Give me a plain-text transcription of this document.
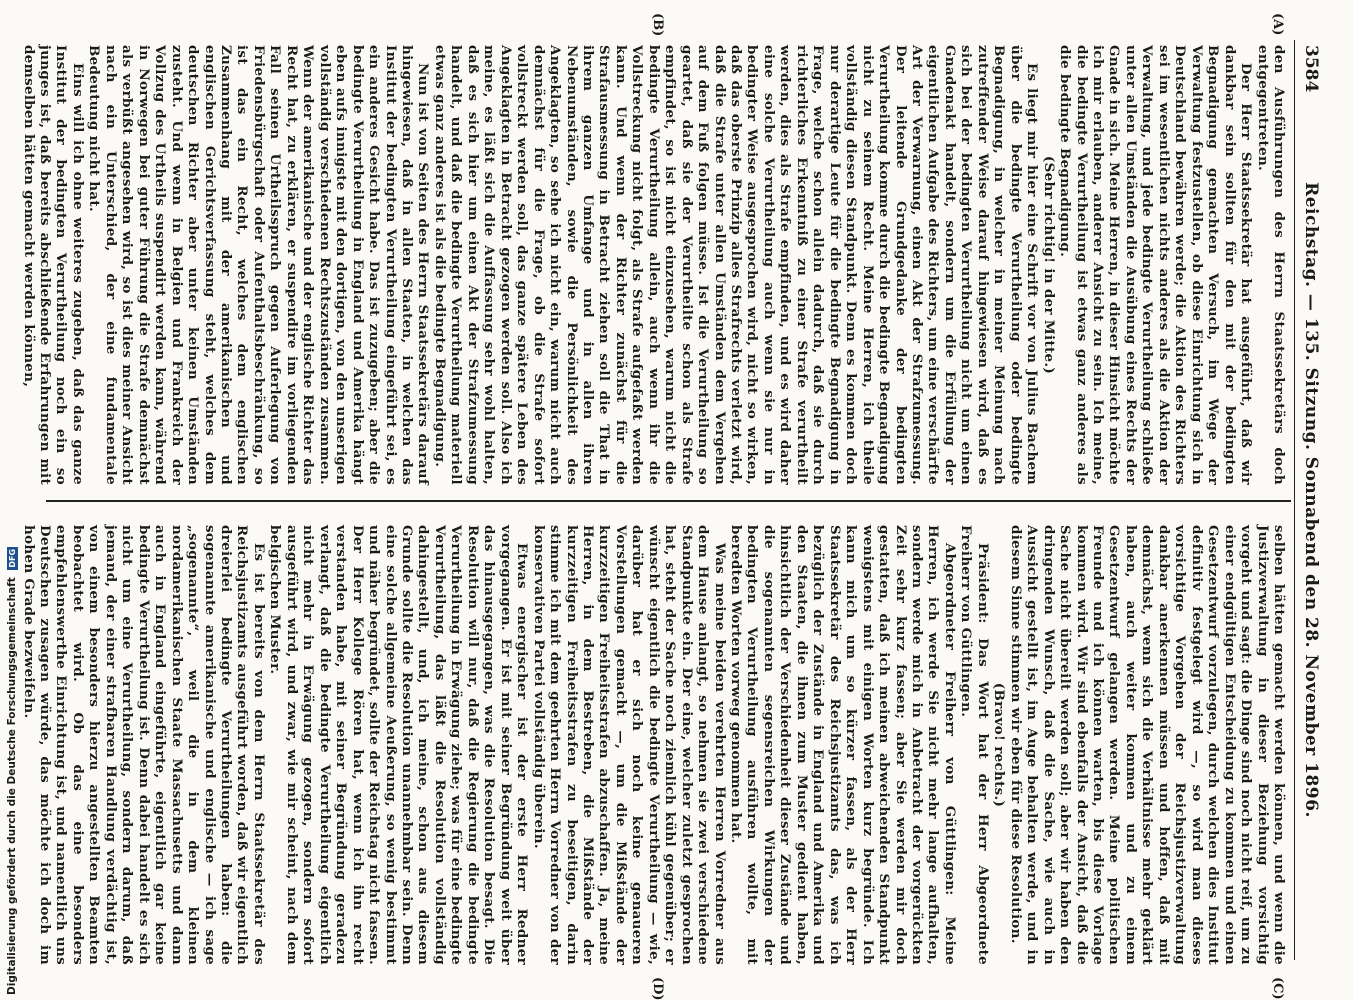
3584
Reichstag. — 135. Sitzung. Sonnabend den 28. November 1896.
(A)
(B)
(C)
(D)

den Ausführungen des Herrn Staatssekretärs doch entgegentreten.

Der Herr Staatssekretär hat ausgeführt, daß wir dankbar sein sollten für den mit der bedingten Begnadigung gemachten Versuch, im Wege der Verwaltung festzustellen, ob diese Einrichtung sich in Deutschland bewähren werde; die Aktion des Richters sei im wesentlichen nichts anderes als die Aktion der Verwaltung, und jede bedingte Verurtheilung schließe unter allen Umständen die Ausübung eines Rechts der Gnade in sich. Meine Herren, in dieser Hinsicht möchte ich mir erlauben, anderer Ansicht zu sein. Ich meine, die bedingte Verurtheilung ist etwas ganz anderes als die bedingte Begnadigung.

(Sehr richtig! in der Mitte.)

Es liegt mir hier eine Schrift vor von Julius Bachem über die bedingte Verurtheilung oder bedingte Begnadigung, in welcher in meiner Meinung nach zutreffender Weise darauf hingewiesen wird, daß es sich bei der bedingten Verurtheilung nicht um einen Gnadenakt handelt, sondern um die Erfüllung der eigentlichen Aufgabe des Richters, um eine verschärfte Art der Verwarnung, einen Akt der Strafzumessung. Der leitende Grundgedanke der bedingten Verurtheilung komme durch die bedingte Begnadigung nicht zu seinem Recht. Meine Herren, ich theile vollständig diesen Standpunkt. Denn es kommen doch nur derartige Leute für die bedingte Begnadigung in Frage, welche schon allein dadurch, daß sie durch richterliches Erkenntniß zu einer Strafe verurtheilt werden, dies als Strafe empfinden, und es wird daher eine solche Verurtheilung auch wenn sie nur in bedingter Weise ausgesprochen wird, nicht so wirken, daß das oberste Prinzip alles Strafrechts verletzt wird, daß die Strafe unter allen Umständen dem Vergehen auf dem Fuß folgen müsse. Ist die Verurtheilung so geartet, daß sie der Verurtheilte schon als Strafe empfindet, so ist nicht einzusehen, warum nicht die bedingte Verurtheilung allein, auch wenn ihr die Vollstreckung nicht folgt, als Strafe aufgefaßt werden kann. Und wenn der Richter zunächst für die Strafausmessung in Betracht ziehen soll die That in ihrem ganzen Umfange und in allen ihren Nebenumständen, sowie die Persönlichkeit des Angeklagten, so sehe ich nicht ein, warum nicht auch demnächst für die Frage, ob die Strafe sofort vollstreckt werden soll, das ganze spätere Leben des Angeklagten in Betracht gezogen werden soll. Also ich meine, es läßt sich die Auffassung sehr wohl halten, daß es sich hier um einen Akt der Strafzumessung handelt, und daß die bedingte Verurtheilung materiell etwas ganz anderes ist als die bedingte Begnadigung.

Nun ist von Seiten des Herrn Staatssekretärs darauf hingewiesen, daß in allen Staaten, in welchen das Institut der bedingten Verurtheilung eingeführt sei, es ein anderes Gesicht habe. Das ist zuzugeben; aber die bedingte Verurtheilung in England und Amerika hängt eben aufs innigste mit den dortigen, von den unserigen vollständig verschiedenen Rechtszuständen zusammen. Wenn der amerikanische und der englische Richter das Recht hat, zu erklären, er suspendire im vorliegenden Fall seinen Urtheilsspruch gegen Auferlegung von Friedensbürgschaft oder Aufenthaltsbeschränkung, so ist das ein Recht, welches dem englischen Zusammenhang mit der amerikanischen und englischen Gerichtsverfassung steht, welches dem deutschen Richter aber unter keinen Umständen zusteht. Und wenn in Belgien und Frankreich der Vollzug des Urtheils suspendirt werden kann, während in Norwegen bei guter Führung die Strafe demnächst als verbüßt angesehen wird, so ist dies meiner Ansicht nach ein Unterschied, der eine fundamentale Bedeutung nicht hat.

Eins will ich ohne weiteres zugeben, daß das ganze Institut der bedingten Verurtheilung noch ein so junges ist, daß bereits abschließende Erfahrungen mit demselben hätten gemacht werden können,

selben hätten gemacht werden können, und wenn die Justizverwaltung in dieser Beziehung vorsichtig vorgeht und sagt: die Dinge sind noch nicht reif, um zu einer endgültigen Entscheidung zu kommen und einen Gesetzentwurf vorzulegen, durch welchen dies Institut definitiv festgelegt wird —, so wird man dieses vorsichtige Vorgehen der Reichsjustizverwaltung dankbar anerkennen müssen und hoffen, daß mit demnächst, wenn sich die Verhältnisse mehr geklärt haben, auch weiter kommen und zu einem Gesetzentwurf gelangen werden. Meine politischen Freunde und ich können warten, bis diese Vorlage kommen wird. Wir sind ebenfalls der Ansicht, daß die Sache nicht übereilt werden soll; aber wir haben den dringenden Wunsch, daß die Sache, wie auch in Aussicht gestellt ist, im Auge behalten werde, und in diesem Sinne stimmen wir eben für diese Resolution.

(Bravo! rechts.)

Präsident: Das Wort hat der Herr Abgeordnete Freiherr von Güttlingen.

Abgeordneter Freiherr von Güttlingen: Meine Herren, ich werde Sie nicht mehr lange aufhalten, sondern werde mich in Anbetracht der vorgerückten Zeit sehr kurz fassen; aber Sie werden mir doch gestatten, daß ich meinen abweichenden Standpunkt wenigstens mit einigen Worten kurz begründe. Ich kann mich um so kürzer fassen, als der Herr Staatssekretär des Reichsjustizamts das, was ich bezüglich der Zustände in England und Amerika und den Staaten, die ihnen zum Muster gedient haben, hinsichtlich der Verschiedenheit dieser Zustände und die sogenannten segensreichen Wirkungen der bedingten Verurtheilung ausführen wollte, mit beredten Worten vorweg genommen hat.

Was meine beiden verehrten Herren Vorredner aus dem Hause anlangt, so nehmen sie zwei verschiedene Standpunkte ein. Der eine, welcher zuletzt gesprochen hat, steht der Sache noch ziemlich kühl gegenüber; er wünscht eigentlich die bedingte Verurtheilung — wie, darüber hat er sich noch keine genaueren Vorstellungen gemacht —, um die Mißstände der kurzzeitigen Freiheitsstrafen abzuschaffen. Ja, meine Herren, in dem Bestreben, die Mißstände der kurzzeitigen Freiheitsstrafen zu beseitigen, darin stimme ich mit dem geehrten Herrn Vorredner von der konservativen Partei vollständig überein.

Etwas energischer ist der erste Herr Redner vorgegangen. Er ist mit seiner Begründung weit über das hinausgegangen, was die Resolution besagt. Die Resolution will nur, daß die Regierung die bedingte Verurtheilung in Erwägung ziehe; was für eine bedingte Verurtheilung, das läßt die Resolution vollständig dahingestellt, und, ich meine, schon aus diesem Grunde sollte die Resolution unannehmbar sein. Denn eine solche allgemeine Aeußerung, so wenig bestimmt und näher begründet, sollte der Reichstag nicht fassen. Der Herr Kollege Rören hat, wenn ich ihn recht verstanden habe, mit seiner Begründung geradezu verlangt, daß die bedingte Verurtheilung eigentlich nicht mehr in Erwägung gezogen, sondern sofort ausgeführt wird, und zwar, wie mir scheint, nach dem belgischen Muster.

Es ist bereits von dem Herrn Staatssekretär des Reichsjustizamts ausgeführt worden, daß wir eigentlich dreierlei bedingte Verurtheilungen haben: die sogenannte amerikanische und englische — ich sage „sogenannte“, weil die in dem kleinen nordamerikanischen Staate Massachusetts und dann auch in England eingeführte, eigentlich gar keine bedingte Verurtheilung ist. Denn dabei handelt es sich nicht um eine Verurtheilung, sondern darum, daß jemand, der einer strafbaren Handlung verdächtig ist, von einem besonders hierzu angestellten Beamten beobachtet wird. Ob das eine besonders empfehlenswerthe Einrichtung ist, und namentlich uns Deutschen zusagen würde, das möchte ich doch im hohen Grade bezweifeln.

Digitalisierung gefördert durch die Deutsche Forschungsgemeinschaft DFG
